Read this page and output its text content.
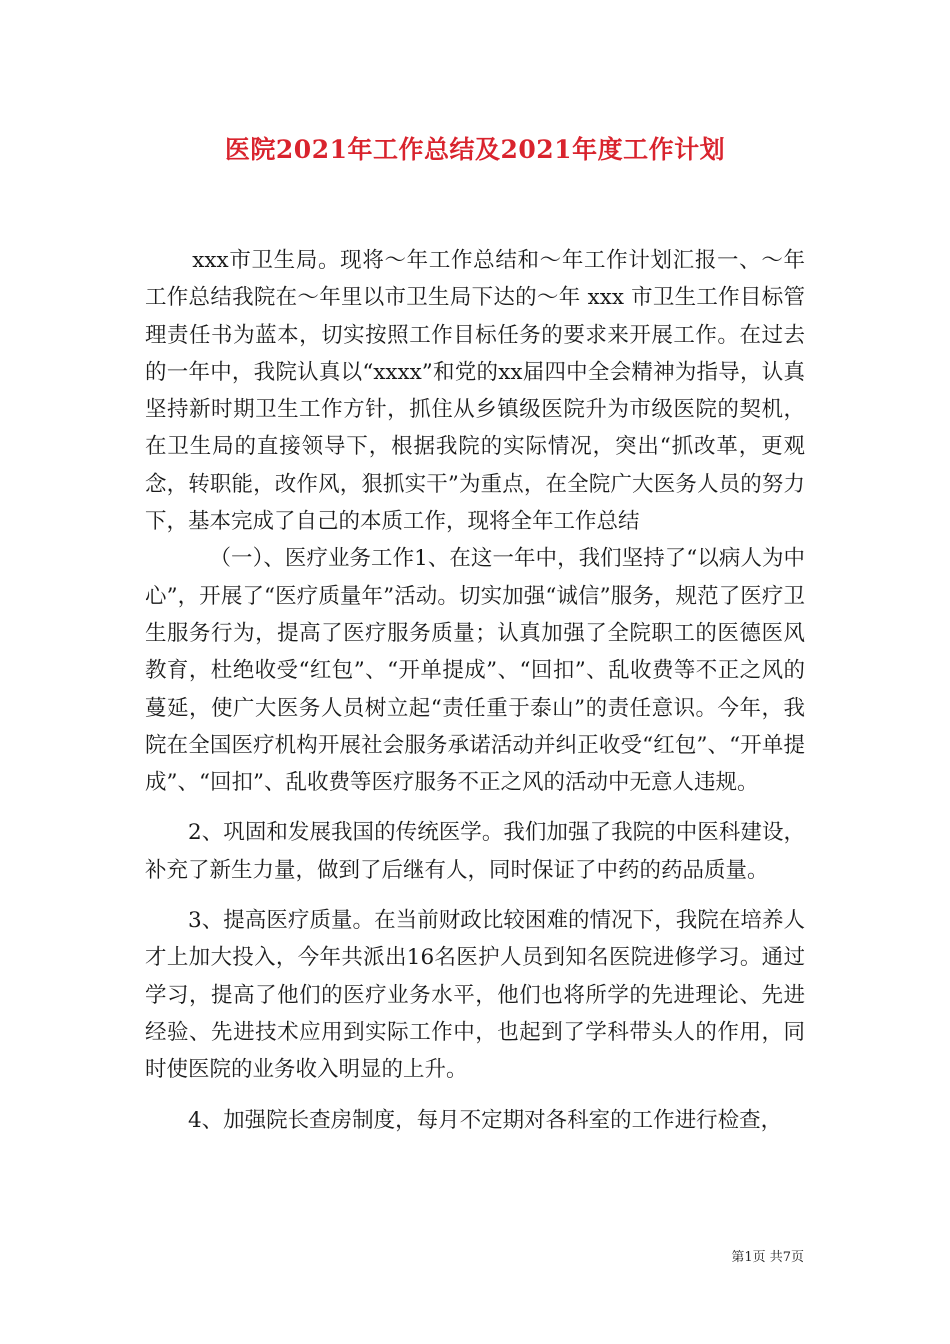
医院2021年工作总结及2021年度工作计划

xxx市卫生局。现将～年工作总结和～年工作计划汇报一、～年工作总结我院在～年里以市卫生局下达的～年 xxx 市卫生工作目标管理责任书为蓝本，切实按照工作目标任务的要求来开展工作。在过去的一年中，我院认真以“xxxx”和党的xx届四中全会精神为指导，认真坚持新时期卫生工作方针，抓住从乡镇级医院升为市级医院的契机，在卫生局的直接领导下，根据我院的实际情况，突出“抓改革，更观念，转职能，改作风，狠抓实干”为重点，在全院广大医务人员的努力下，基本完成了自己的本质工作，现将全年工作总结

（一）、医疗业务工作1、在这一年中，我们坚持了“以病人为中心”，开展了“医疗质量年”活动。切实加强“诚信”服务，规范了医疗卫生服务行为，提高了医疗服务质量；认真加强了全院职工的医德医风教育，杜绝收受“红包”、“开单提成”、“回扣”、乱收费等不正之风的蔓延，使广大医务人员树立起“责任重于泰山”的责任意识。今年，我院在全国医疗机构开展社会服务承诺活动并纠正收受“红包”、“开单提成”、“回扣”、乱收费等医疗服务不正之风的活动中无意人违规。

2、巩固和发展我国的传统医学。我们加强了我院的中医科建设，补充了新生力量，做到了后继有人，同时保证了中药的药品质量。

3、提高医疗质量。在当前财政比较困难的情况下，我院在培养人才上加大投入，今年共派出16名医护人员到知名医院进修学习。通过学习，提高了他们的医疗业务水平，他们也将所学的先进理论、先进经验、先进技术应用到实际工作中，也起到了学科带头人的作用，同时使医院的业务收入明显的上升。

4、加强院长查房制度，每月不定期对各科室的工作进行检查，

第1页 共7页
